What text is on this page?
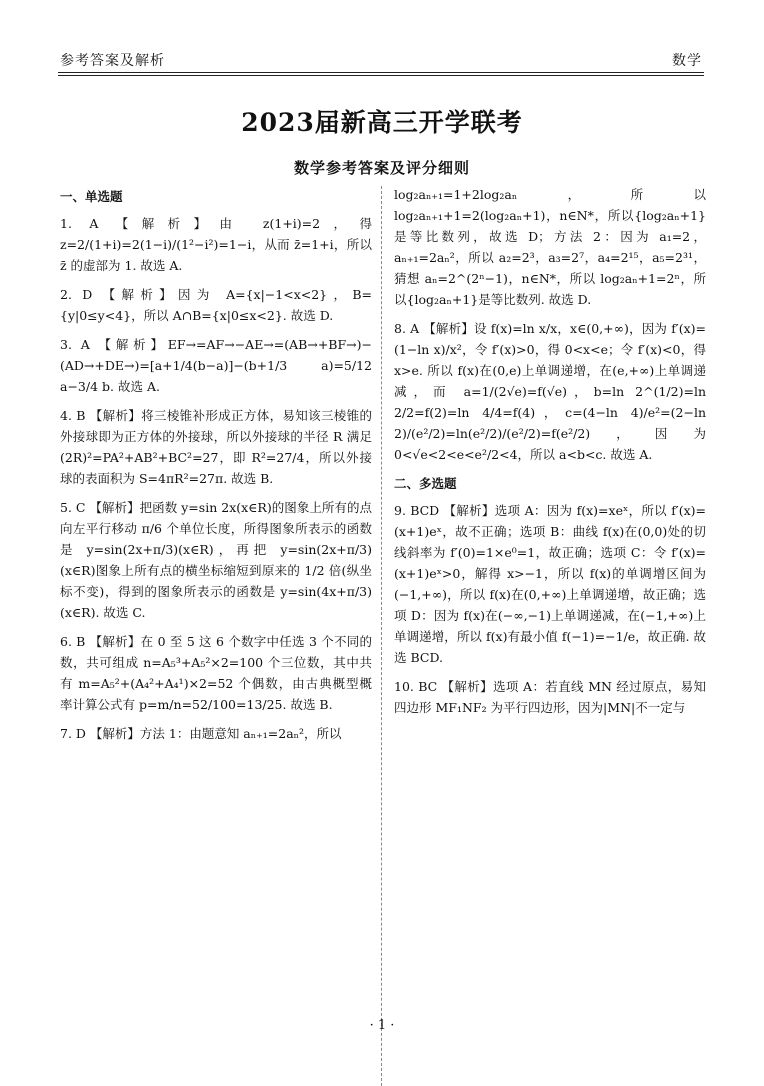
参考答案及解析	数学
2023届新高三开学联考
数学参考答案及评分细则
一、单选题
1. A 【解析】由 z(1+i)=2，得 z=2/(1+i)=2(1−i)/(1²−i²)=1−i，从而 z̄=1+i，所以 z̄ 的虚部为 1. 故选 A.
2. D 【解析】因为 A={x|−1<x<2}，B={y|0≤y<4}，所以 A∩B={x|0≤x<2}. 故选 D.
3. A 【解析】EF→=AF→−AE→=(AB→+BF→)−(AD→+DE→)=[a+1/4(b−a)]−(b+1/3 a)=5/12 a−3/4 b. 故选 A.
4. B 【解析】将三棱锥补形成正方体，易知该三棱锥的外接球即为正方体的外接球，所以外接球的半径 R 满足(2R)²=PA²+AB²+BC²=27，即 R²=27/4，所以外接球的表面积为 S=4πR²=27π. 故选 B.
5. C 【解析】把函数 y=sin 2x(x∈R)的图象上所有的点向左平行移动 π/6 个单位长度，所得图象所表示的函数是 y=sin(2x+π/3)(x∈R)，再把 y=sin(2x+π/3)(x∈R)图象上所有点的横坐标缩短到原来的 1/2 倍(纵坐标不变)，得到的图象所表示的函数是 y=sin(4x+π/3)(x∈R). 故选 C.
6. B 【解析】在 0 至 5 这 6 个数字中任选 3 个不同的数，共可组成 n=A₅³+A₅²×2=100 个三位数，其中共有 m=A₅²+(A₄²+A₄¹)×2=52 个偶数，由古典概型概率计算公式有 p=m/n=52/100=13/25. 故选 B.
7. D 【解析】方法 1：由题意知 aₙ₊₁=2aₙ²，所以
log₂aₙ₊₁=1+2log₂aₙ，所以 log₂aₙ₊₁+1=2(log₂aₙ+1)，n∈N*，所以{log₂aₙ+1}是等比数列，故选 D；方法 2：因为 a₁=2，aₙ₊₁=2aₙ²，所以 a₂=2³，a₃=2⁷，a₄=2¹⁵，a₅=2³¹，猜想 aₙ=2^(2ⁿ−1)，n∈N*，所以 log₂aₙ+1=2ⁿ，所以{log₂aₙ+1}是等比数列. 故选 D.
8. A 【解析】设 f(x)=ln x/x，x∈(0,+∞)，因为 f′(x)=(1−ln x)/x²，令 f′(x)>0，得 0<x<e；令 f′(x)<0，得 x>e. 所以 f(x)在(0,e)上单调递增，在(e,+∞)上单调递减，而 a=1/(2√e)=f(√e)，b=ln 2^(1/2)=ln 2/2=f(2)=ln 4/4=f(4)，c=(4−ln 4)/e²=(2−ln 2)/(e²/2)=ln(e²/2)/(e²/2)=f(e²/2)，因为 0<√e<2<e<e²/2<4，所以 a<b<c. 故选 A.
二、多选题
9. BCD 【解析】选项 A：因为 f(x)=xeˣ，所以 f′(x)=(x+1)eˣ，故不正确；选项 B：曲线 f(x)在(0,0)处的切线斜率为 f′(0)=1×e⁰=1，故正确；选项 C：令 f′(x)=(x+1)eˣ>0，解得 x>−1，所以 f(x)的单调增区间为(−1,+∞)，所以 f(x)在(0,+∞)上单调递增，故正确；选项 D：因为 f(x)在(−∞,−1)上单调递减，在(−1,+∞)上单调递增，所以 f(x)有最小值 f(−1)=−1/e，故正确. 故选 BCD.
10. BC 【解析】选项 A：若直线 MN 经过原点，易知四边形 MF₁NF₂ 为平行四边形，因为|MN|不一定与
· 1 ·
